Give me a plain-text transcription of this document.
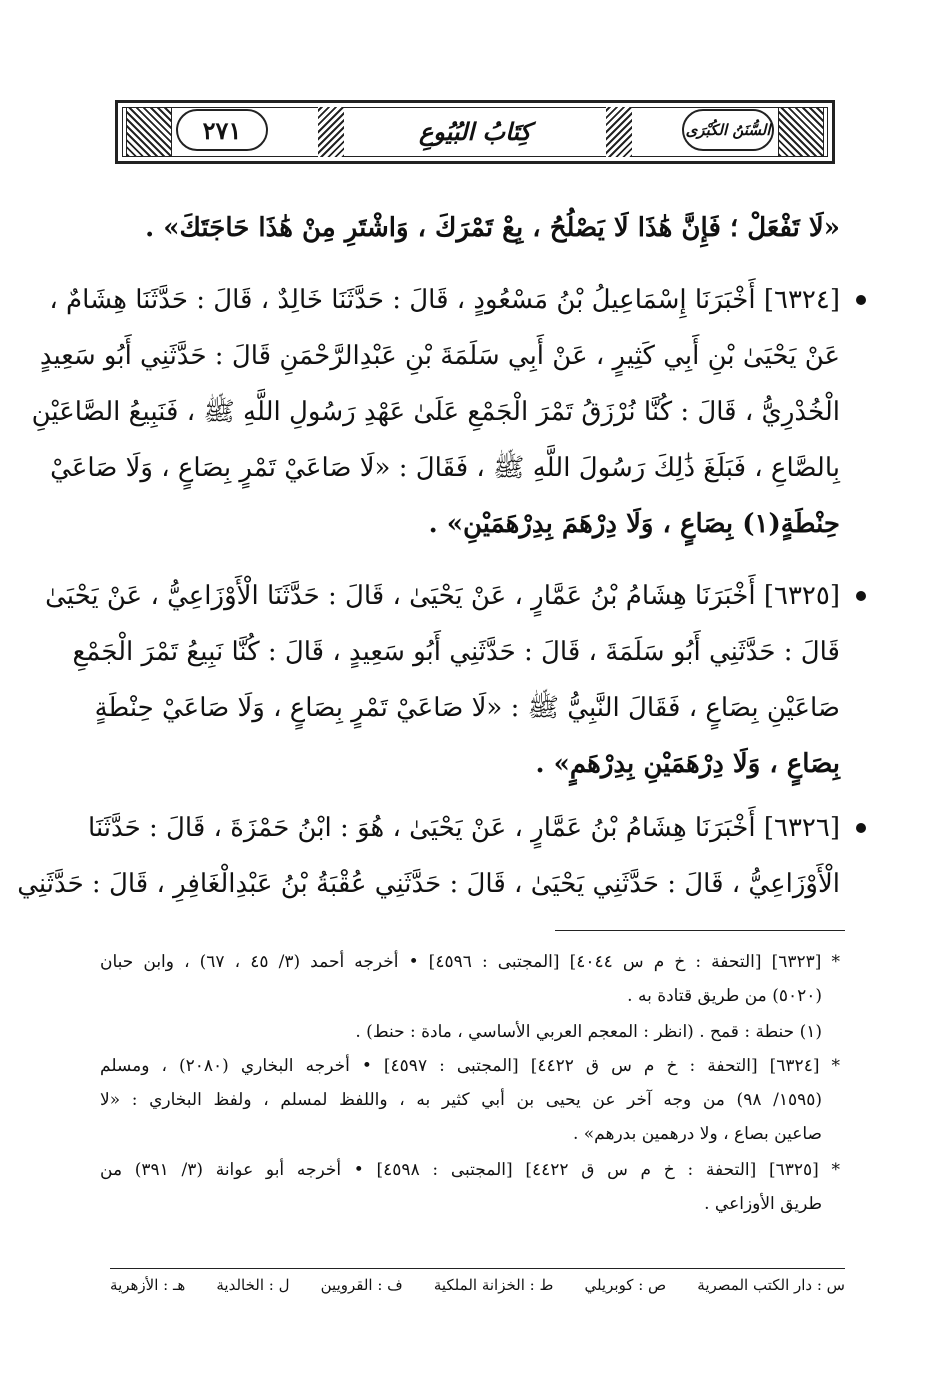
٢٧١	كِتَابُ البُيُوعِ	السُّنَنُ الكُبْرَى
«لَا تَفْعَلْ ؛ فَإِنَّ هَٰذَا لَا يَصْلُحُ ، بِعْ تَمْرَكَ ، وَاشْتَرِ مِنْ هَٰذَا حَاجَتَكَ» .
[٦٣٢٤] أَخْبَرَنَا إِسْمَاعِيلُ بْنُ مَسْعُودٍ ، قَالَ : حَدَّثَنَا خَالِدٌ ، قَالَ : حَدَّثَنَا هِشَامٌ ،
عَنْ يَحْيَىٰ بْنِ أَبِي كَثِيرٍ ، عَنْ أَبِي سَلَمَةَ بْنِ عَبْدِالرَّحْمَنِ قَالَ : حَدَّثَنِي أَبُو سَعِيدٍ
الْخُدْرِيُّ ، قَالَ : كُنَّا نُرْزَقُ تَمْرَ الْجَمْعِ عَلَىٰ عَهْدِ رَسُولِ اللَّهِ ﷺ ، فَنَبِيعُ الصَّاعَيْنِ
بِالصَّاعِ ، فَبَلَغَ ذَٰلِكَ رَسُولَ اللَّهِ ﷺ ، فَقَالَ : «لَا صَاعَيْ تَمْرٍ بِصَاعٍ ، وَلَا صَاعَيْ
حِنْطَةٍ(١) بِصَاعٍ ، وَلَا دِرْهَمَ بِدِرْهَمَيْنِ» .
[٦٣٢٥] أَخْبَرَنَا هِشَامُ بْنُ عَمَّارٍ ، عَنْ يَحْيَىٰ ، قَالَ : حَدَّثَنَا الْأَوْزَاعِيُّ ، عَنْ يَحْيَىٰ
قَالَ : حَدَّثَنِي أَبُو سَلَمَةَ ، قَالَ : حَدَّثَنِي أَبُو سَعِيدٍ ، قَالَ : كُنَّا نَبِيعُ تَمْرَ الْجَمْعِ
صَاعَيْنِ بِصَاعٍ ، فَقَالَ النَّبِيُّ ﷺ : «لَا صَاعَيْ تَمْرٍ بِصَاعٍ ، وَلَا صَاعَيْ حِنْطَةٍ
بِصَاعٍ ، وَلَا دِرْهَمَيْنِ بِدِرْهَمٍ» .
[٦٣٢٦] أَخْبَرَنَا هِشَامُ بْنُ عَمَّارٍ ، عَنْ يَحْيَىٰ ، هُوَ : ابْنُ حَمْزَةَ ، قَالَ : حَدَّثَنَا
الْأَوْزَاعِيُّ ، قَالَ : حَدَّثَنِي يَحْيَىٰ ، قَالَ : حَدَّثَنِي عُقْبَةُ بْنُ عَبْدِالْغَافِرِ ، قَالَ : حَدَّثَنِي
* [٦٣٢٣] [التحفة : خ م س ٤٠٤٤] [المجتبى : ٤٥٩٦] • أخرجه أحمد (٣/ ٤٥ ، ٦٧) ، وابن حبان
(٥٠٢٠) من طريق قتادة به .
(١) حنطة : قمح . (انظر : المعجم العربي الأساسي ، مادة : حنط) .
* [٦٣٢٤] [التحفة : خ م س ق ٤٤٢٢] [المجتبى : ٤٥٩٧] • أخرجه البخاري (٢٠٨٠) ، ومسلم
(١٥٩٥/ ٩٨) من وجه آخر عن يحيى بن أبي كثير به ، واللفظ لمسلم ، ولفظ البخاري : «لا
صاعين بصاع ، ولا درهمين بدرهم» .
* [٦٣٢٥] [التحفة : خ م س ق ٤٤٢٢] [المجتبى : ٤٥٩٨] • أخرجه أبو عوانة (٣/ ٣٩١) من
طريق الأوزاعي .
س : دار الكتب المصرية
ص : كوبريلي
ط : الخزانة الملكية
ف : القرويين
ل : الخالدية
هـ : الأزهرية
